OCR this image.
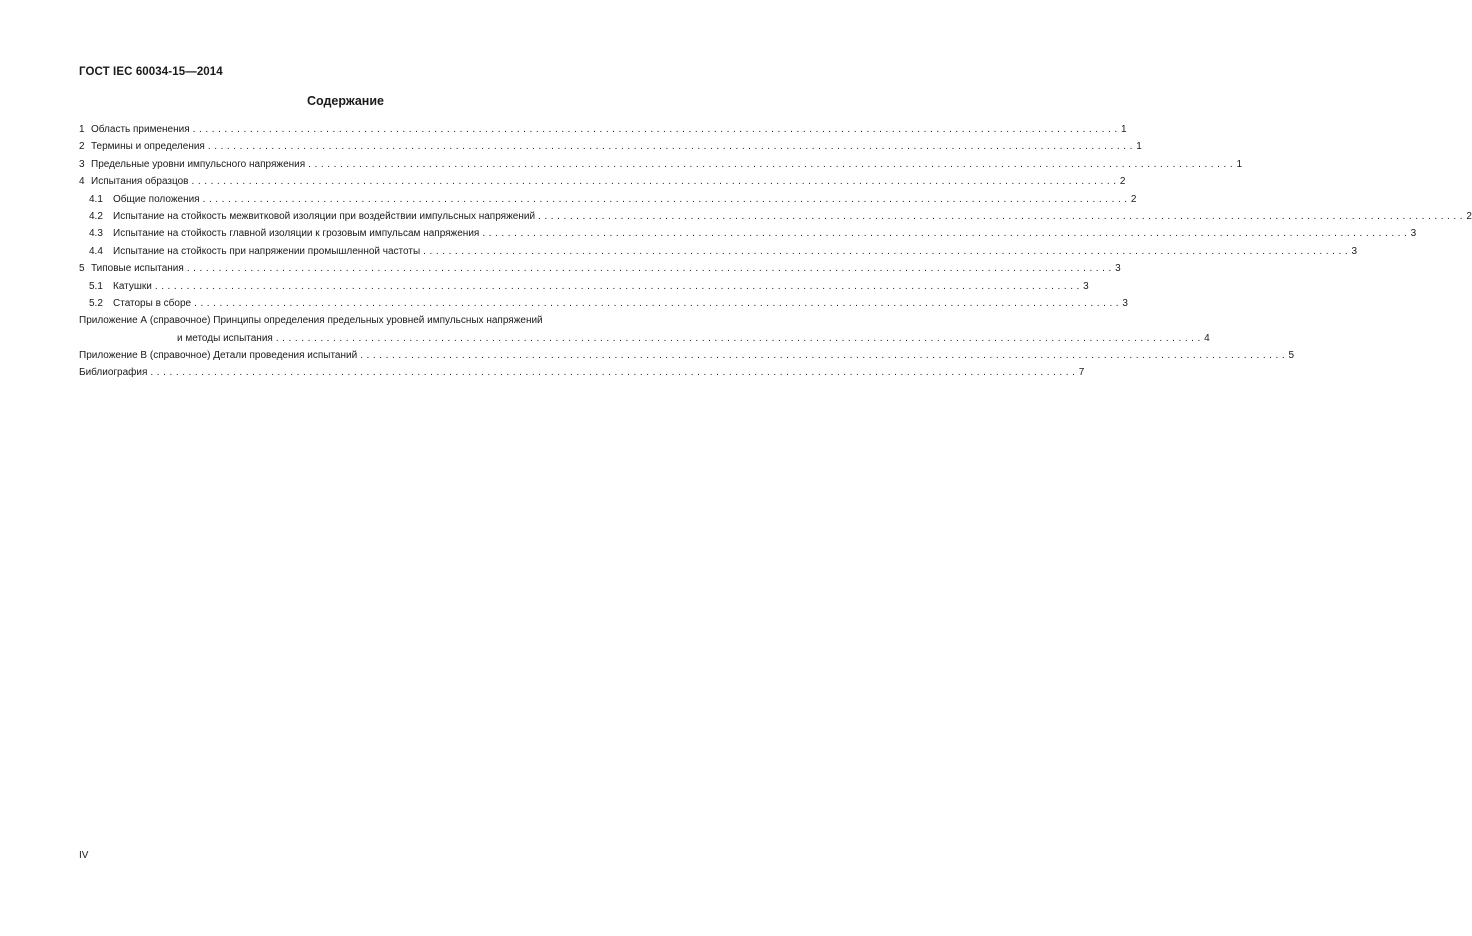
ГОСТ IEC 60034-15—2014
Содержание
1 Область применения . . .	1
2 Термины и определения . . .	1
3 Предельные уровни импульсного напряжения . . .	1
4 Испытания образцов . . .	2
4.1	Общие положения . . .	2
4.2	Испытание на стойкость межвитковой изоляции при воздействии импульсных напряжений . . .	2
4.3	Испытание на стойкость главной изоляции к грозовым импульсам напряжения . . .	3
4.4	Испытание на стойкость при напряжении промышленной частоты . . .	3
5 Типовые испытания . . .	3
5.1	Катушки . . .	3
5.2	Статоры в сборе . . .	3
Приложение А (справочное) Принципы определения предельных уровней импульсных напряжений
и методы испытания . . .	4
Приложение В (справочное) Детали проведения испытаний . . .	5
Библиография . . .	7
IV
